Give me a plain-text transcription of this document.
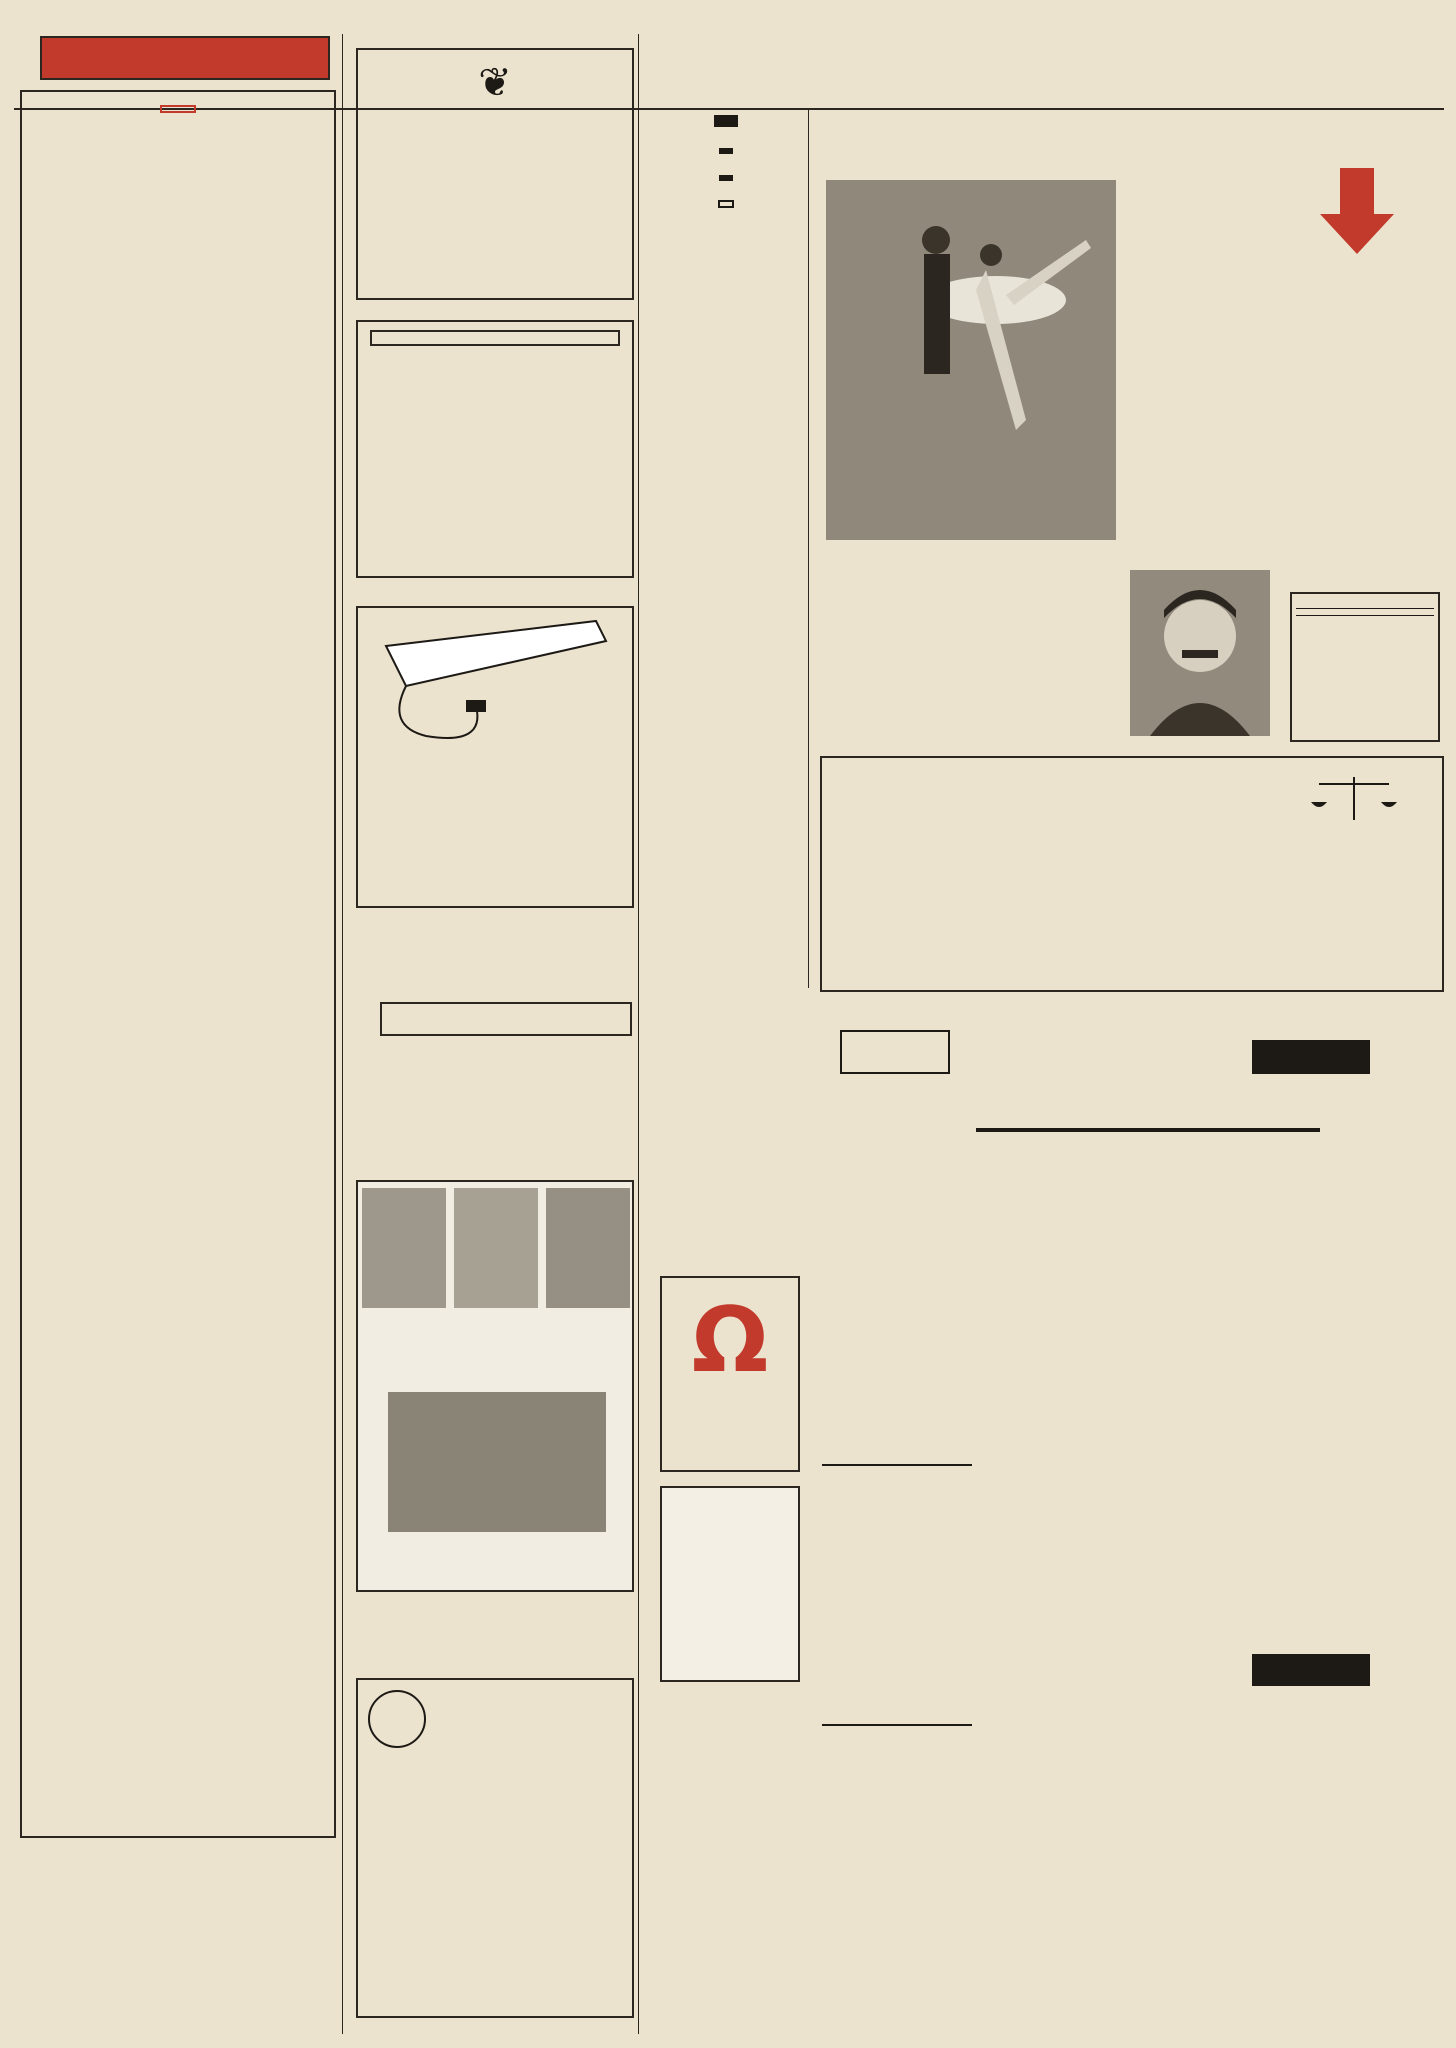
❦
Ω
